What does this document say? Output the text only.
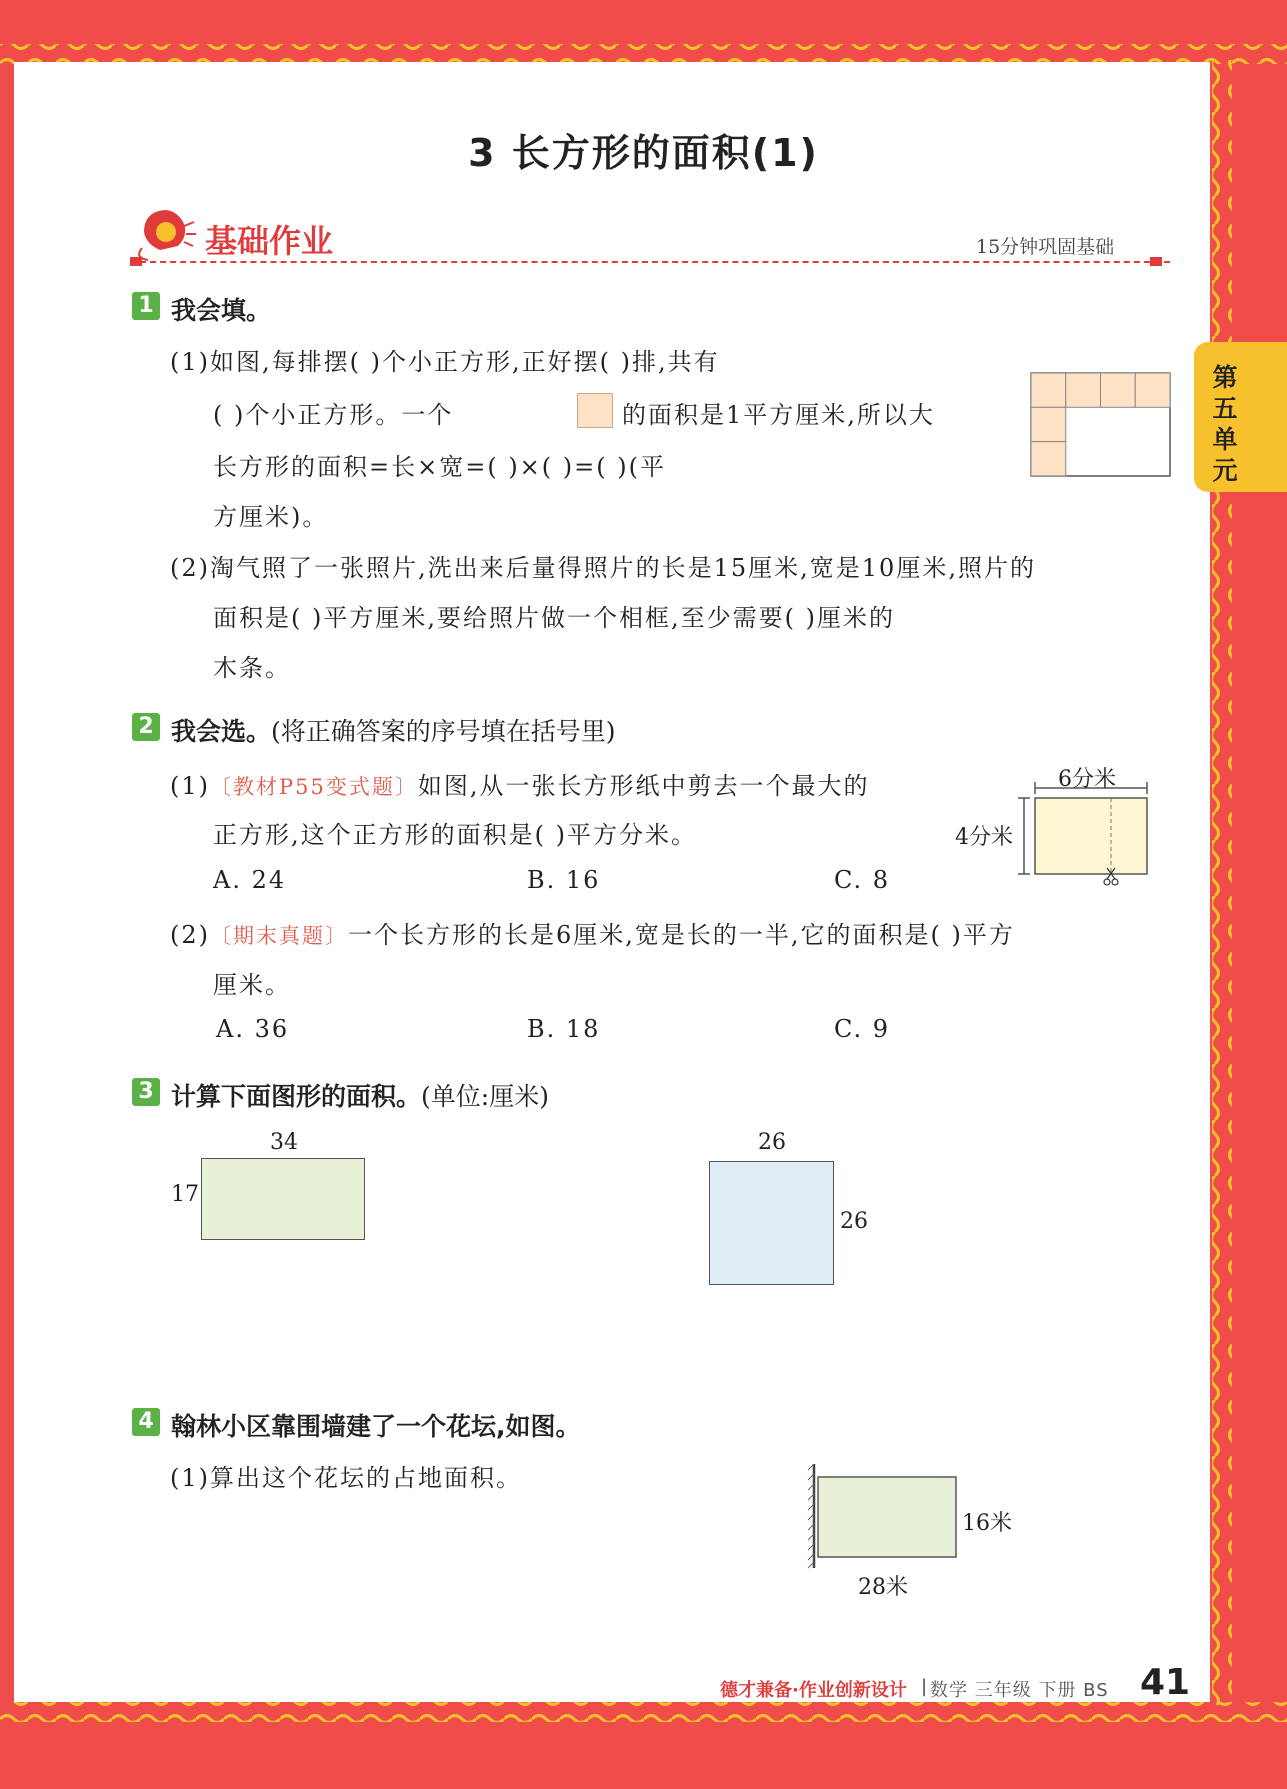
第五单元
3 长方形的面积(1)
基础作业	15分钟巩固基础
1 我会填。
(1)如图,每排摆( )个小正方形,正好摆( )排,共有
( )个小正方形。一个	的面积是1平方厘米,所以大
长方形的面积=长×宽=( )×( )=( )(平
方厘米)。
(2)淘气照了一张照片,洗出来后量得照片的长是15厘米,宽是10厘米,照片的
面积是( )平方厘米,要给照片做一个相框,至少需要( )厘米的
木条。
2 我会选。(将正确答案的序号填在括号里)
(1)〔教材P55变式题〕如图,从一张长方形纸中剪去一个最大的
正方形,这个正方形的面积是( )平方分米。
A. 24	B. 16	C. 8
6分米
4分米
(2)〔期末真题〕一个长方形的长是6厘米,宽是长的一半,它的面积是( )平方
厘米。
A. 36	B. 18	C. 9
3 计算下面图形的面积。(单位:厘米)
34
17
26
26
4 翰林小区靠围墙建了一个花坛,如图。
(1)算出这个花坛的占地面积。
16米
28米
德才兼备·作业创新设计 | 数学 三年级 下册 BS 41
